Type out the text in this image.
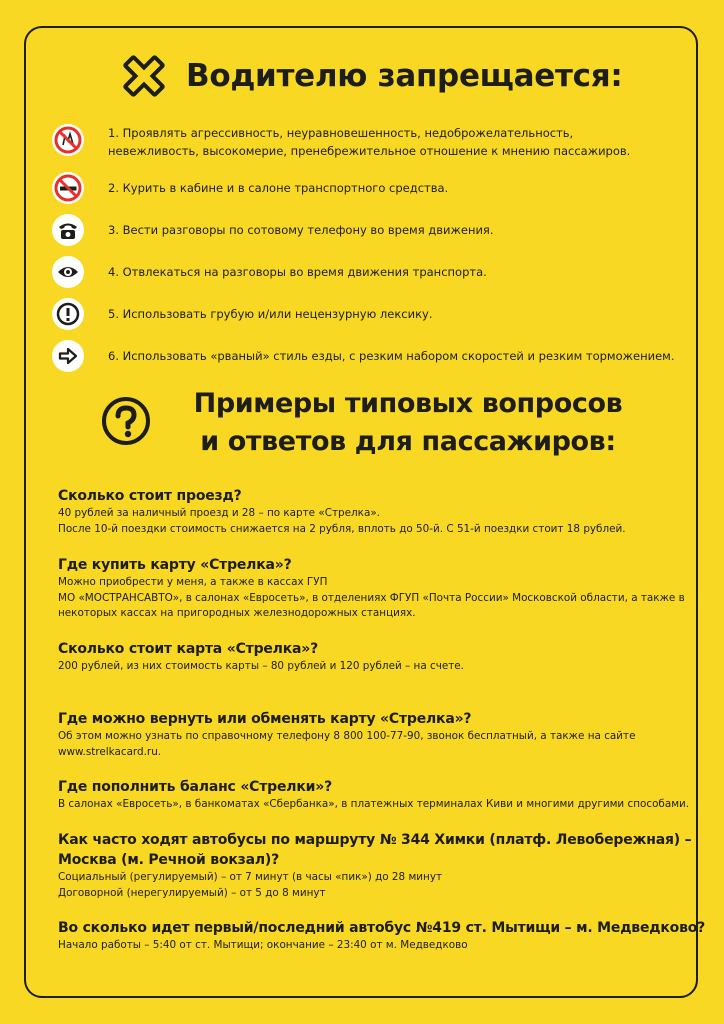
Водителю запрещается:
1. Проявлять агрессивность, неуравновешенность, недоброжелательность,
невежливость, высокомерие, пренебрежительное отношение к мнению пассажиров.
2. Курить в кабине и в салоне транспортного средства.
3. Вести разговоры по сотовому телефону во время движения.
4. Отвлекаться на разговоры во время движения транспорта.
5. Использовать грубую и/или нецензурную лексику.
6. Использовать «рваный» стиль езды, с резким набором скоростей и резким торможением.
Примеры типовых вопросов
и ответов для пассажиров:
Сколько стоит проезд?
40 рублей за наличный проезд и 28 – по карте «Стрелка».
После 10-й поездки стоимость снижается на 2 рубля, вплоть до 50-й. С 51-й поездки стоит 18 рублей.
Где купить карту «Стрелка»?
Можно приобрести у меня, а также в кассах ГУП
МО «МОСТРАНСАВТО», в салонах «Евросеть», в отделениях ФГУП «Почта России» Московской области, а также в
некоторых кассах на пригородных железнодорожных станциях.
Сколько стоит карта «Стрелка»?
200 рублей, из них стоимость карты – 80 рублей и 120 рублей – на счете.
Где можно вернуть или обменять карту «Стрелка»?
Об этом можно узнать по справочному телефону 8 800 100-77-90, звонок бесплатный, а также на сайте
www.strelkacard.ru.
Где пополнить баланс «Стрелки»?
В салонах «Евросеть», в банкоматах «Сбербанка», в платежных терминалах Киви и многими другими способами.
Как часто ходят автобусы по маршруту № 344 Химки (платф. Левобережная) –
Москва (м. Речной вокзал)?
Социальный (регулируемый) – от 7 минут (в часы «пик») до 28 минут
Договорной (нерегулируемый) – от 5 до 8 минут
Во сколько идет первый/последний автобус №419 ст. Мытищи – м. Медведково?
Начало работы – 5:40 от ст. Мытищи; окончание – 23:40 от м. Медведково
